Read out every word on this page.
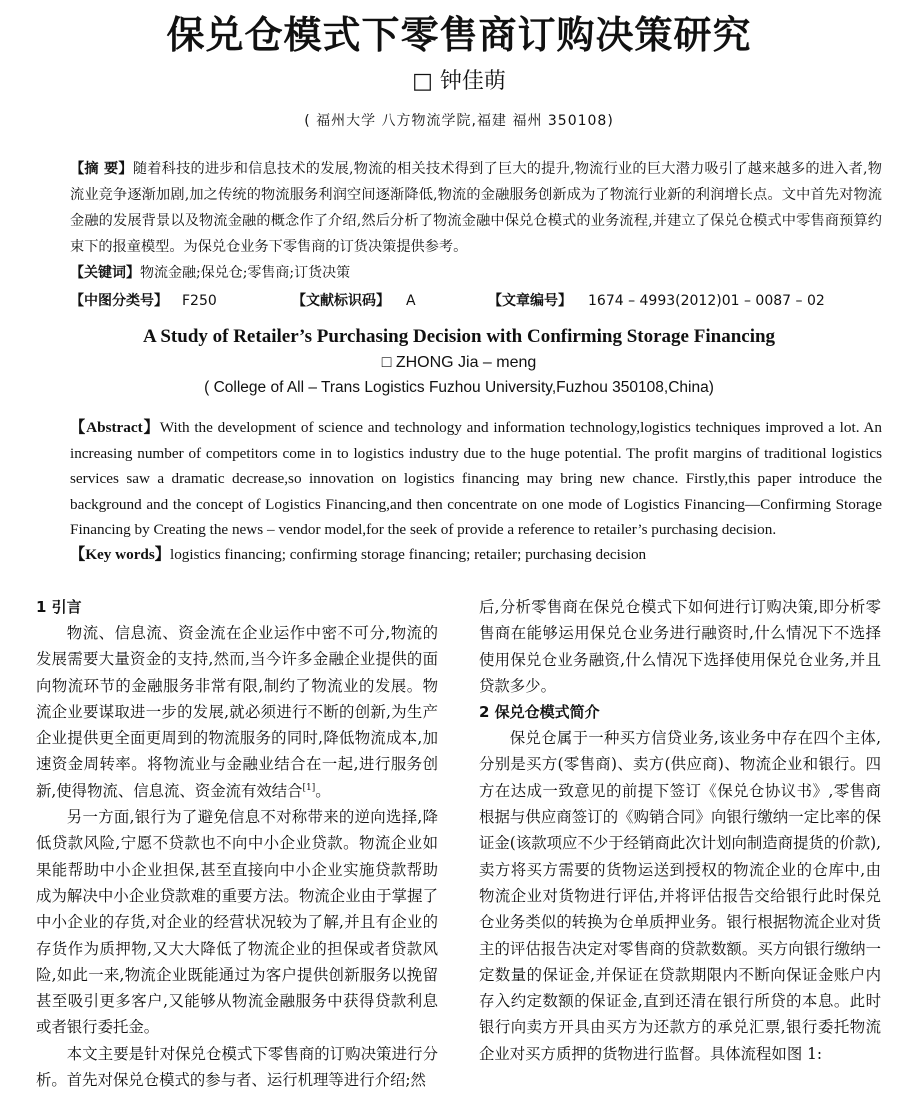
保兑仓模式下零售商订购决策研究
□ 钟佳萌
( 福州大学 八方物流学院,福建 福州 350108)
【摘 要】随着科技的进步和信息技术的发展,物流的相关技术得到了巨大的提升,物流行业的巨大潜力吸引了越来越多的进入者,物流业竞争逐渐加剧,加之传统的物流服务利润空间逐渐降低,物流的金融服务创新成为了物流行业新的利润增长点。文中首先对物流金融的发展背景以及物流金融的概念作了介绍,然后分析了物流金融中保兑仓模式的业务流程,并建立了保兑仓模式中零售商预算约束下的报童模型。为保兑仓业务下零售商的订货决策提供参考。
【关键词】物流金融;保兑仓;零售商;订货决策
【中图分类号】 F250	【文献标识码】 A	【文章编号】 1674 – 4993(2012)01 – 0087 – 02
A Study of Retailer’s Purchasing Decision with Confirming Storage Financing
□ ZHONG Jia – meng
( College of All – Trans Logistics Fuzhou University,Fuzhou 350108,China)
【Abstract】With the development of science and technology and information technology,logistics techniques improved a lot. An increasing number of competitors come in to logistics industry due to the huge potential. The profit margins of traditional logistics services saw a dramatic decrease,so innovation on logistics financing may bring new chance. Firstly,this paper introduce the background and the concept of Logistics Financing,and then concentrate on one mode of Logistics Financing—Confirming Storage Financing by Creating the news – vendor model,for the seek of provide a reference to retailer’s purchasing decision.
【Key words】logistics financing; confirming storage financing; retailer; purchasing decision
1 引言

物流、信息流、资金流在企业运作中密不可分,物流的发展需要大量资金的支持,然而,当今许多金融企业提供的面向物流环节的金融服务非常有限,制约了物流业的发展。物流企业要谋取进一步的发展,就必须进行不断的创新,为生产企业提供更全面更周到的物流服务的同时,降低物流成本,加速资金周转率。将物流业与金融业结合在一起,进行服务创新,使得物流、信息流、资金流有效结合[1]。

另一方面,银行为了避免信息不对称带来的逆向选择,降低贷款风险,宁愿不贷款也不向中小企业贷款。物流企业如果能帮助中小企业担保,甚至直接向中小企业实施贷款帮助成为解决中小企业贷款难的重要方法。物流企业由于掌握了中小企业的存货,对企业的经营状况较为了解,并且有企业的存货作为质押物,又大大降低了物流企业的担保或者贷款风险,如此一来,物流企业既能通过为客户提供创新服务以挽留甚至吸引更多客户,又能够从物流金融服务中获得贷款利息或者银行委托金。

本文主要是针对保兑仓模式下零售商的订购决策进行分析。首先对保兑仓模式的参与者、运行机理等进行介绍;然

后,分析零售商在保兑仓模式下如何进行订购决策,即分析零售商在能够运用保兑仓业务进行融资时,什么情况下不选择使用保兑仓业务融资,什么情况下选择使用保兑仓业务,并且贷款多少。

2 保兑仓模式简介

保兑仓属于一种买方信贷业务,该业务中存在四个主体,分别是买方(零售商)、卖方(供应商)、物流企业和银行。四方在达成一致意见的前提下签订《保兑仓协议书》,零售商根据与供应商签订的《购销合同》向银行缴纳一定比率的保证金(该款项应不少于经销商此次计划向制造商提货的价款),卖方将买方需要的货物运送到授权的物流企业的仓库中,由物流企业对货物进行评估,并将评估报告交给银行此时保兑仓业务类似的转换为仓单质押业务。银行根据物流企业对货主的评估报告决定对零售商的贷款数额。买方向银行缴纳一定数量的保证金,并保证在贷款期限内不断向保证金账户内存入约定数额的保证金,直到还清在银行所贷的本息。此时银行向卖方开具由买方为还款方的承兑汇票,银行委托物流企业对买方质押的货物进行监督。具体流程如图 1:
